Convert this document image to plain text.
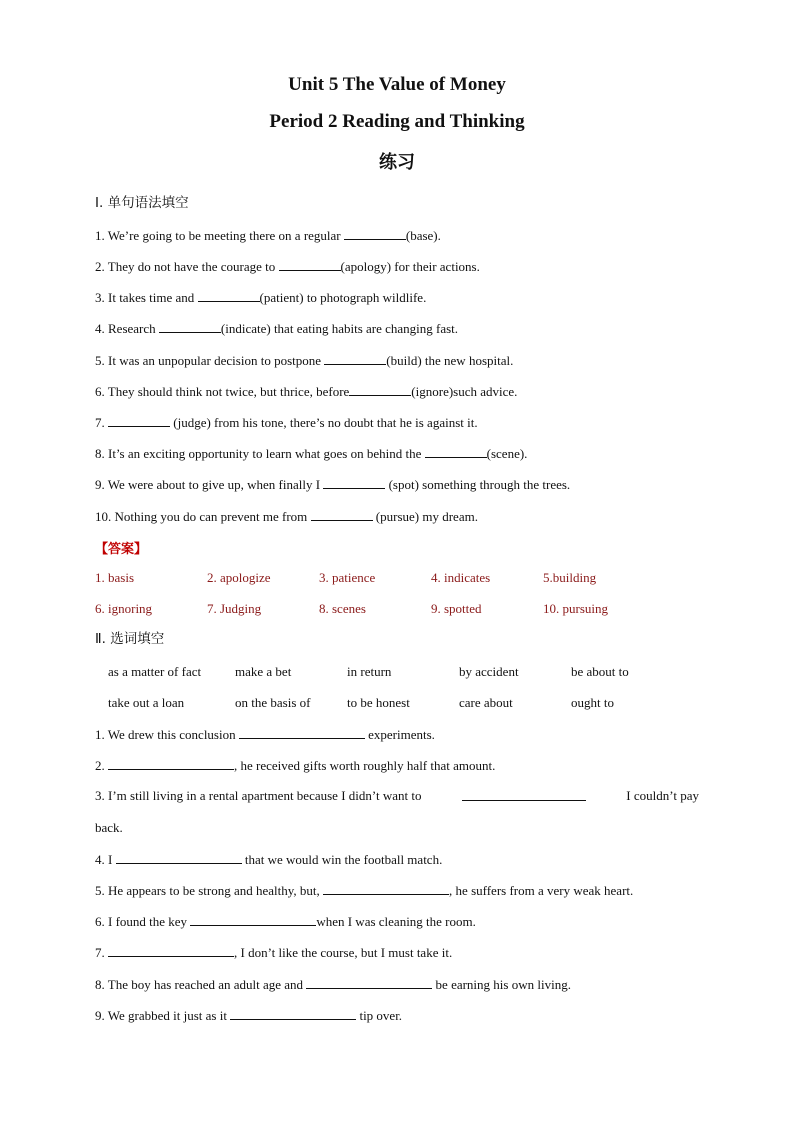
Unit 5 The Value of Money
Period 2 Reading and Thinking
练习
Ⅰ. 单句语法填空
1. We’re going to be meeting there on a regular	(base).
2. They do not have the courage to	(apology) for their actions.
3. It takes time and	(patient) to photograph wildlife.
4. Research	(indicate) that eating habits are changing fast.
5. It was an unpopular decision to postpone	(build) the new hospital.
6. They should think not twice, but thrice, before	(ignore)such advice.
7.	(judge) from his tone, there’s no doubt that he is against it.
8. It’s an exciting opportunity to learn what goes on behind the	(scene).
9. We were about to give up, when finally I	(spot) something through the trees.
10. Nothing you do can prevent me from	(pursue) my dream.
【答案】
1. basis	2. apologize	3. patience	4. indicates	5.building
6. ignoring	7. Judging	8. scenes	9. spotted	10. pursuing
Ⅱ. 选词填空
as a matter of fact	make a bet	in return	by accident	be about to
take out a loan	on the basis of	to be honest	care about	ought to
1. We drew this conclusion	experiments.
2.	, he received gifts worth roughly half that amount.
3. I’m still living in a rental apartment because I didn’t want to	I couldn’t pay
back.
4. I	that we would win the football match.
5. He appears to be strong and healthy, but,	, he suffers from a very weak heart.
6. I found the key	when I was cleaning the room.
7.	, I don’t like the course, but I must take it.
8. The boy has reached an adult age and	be earning his own living.
9. We grabbed it just as it	tip over.
